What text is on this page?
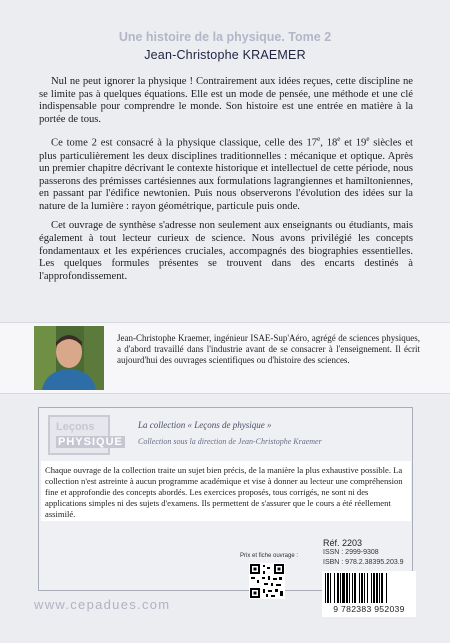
Une histoire de la physique. Tome 2
Jean-Christophe KRAEMER

Nul ne peut ignorer la physique ! Contrairement aux idées reçues, cette discipline ne se limite pas à quelques équations. Elle est un mode de pensée, une méthode et une clé indispensable pour comprendre le monde. Son histoire est une entrée en matière à la portée de tous.

Ce tome 2 est consacré à la physique classique, celle des 17e, 18e et 19e siècles et plus particulièrement les deux disciplines traditionnelles : mécanique et optique. Après un premier chapitre décrivant le contexte historique et intellectuel de cette période, nous passerons des prémisses cartésiennes aux formulations lagrangiennes et hamiltoniennes, en passant par l'édifice newtonien. Puis nous observerons l'évolution des idées sur la nature de la lumière : rayon géométrique, particule puis onde.

Cet ouvrage de synthèse s'adresse non seulement aux enseignants ou étudiants, mais également à tout lecteur curieux de science. Nous avons privilégié les concepts fondamentaux et les expériences cruciales, accompagnés des biographies essentielles. Les quelques formules présentes se trouvent dans des encarts destinés à l'approfondissement.

Jean-Christophe Kraemer, ingénieur ISAE-Sup'Aéro, agrégé de sciences physiques, a d'abord travaillé dans l'industrie avant de se consacrer à l'enseignement. Il écrit aujourd'hui des ouvrages scientifiques ou d'histoire des sciences.
Leçons
PHYSIQUE
La collection « Leçons de physique »
Collection sous la direction de Jean-Christophe Kraemer
Chaque ouvrage de la collection traite un sujet bien précis, de la manière la plus exhaustive possible. La collection n'est astreinte à aucun programme académique et vise à donner au lecteur une compréhension fine et approfondie des concepts abordés. Les exercices proposés, tous corrigés, ne sont ni des applications simples ni des sujets d'examens. Ils permettent de s'assurer que le cours a été réellement assimilé.
Prix et fiche ouvrage :
Réf. 2203
ISSN : 2999-9308
ISBN : 978.2.38395.203.9
9 782383 952039
www.cepadues.com
